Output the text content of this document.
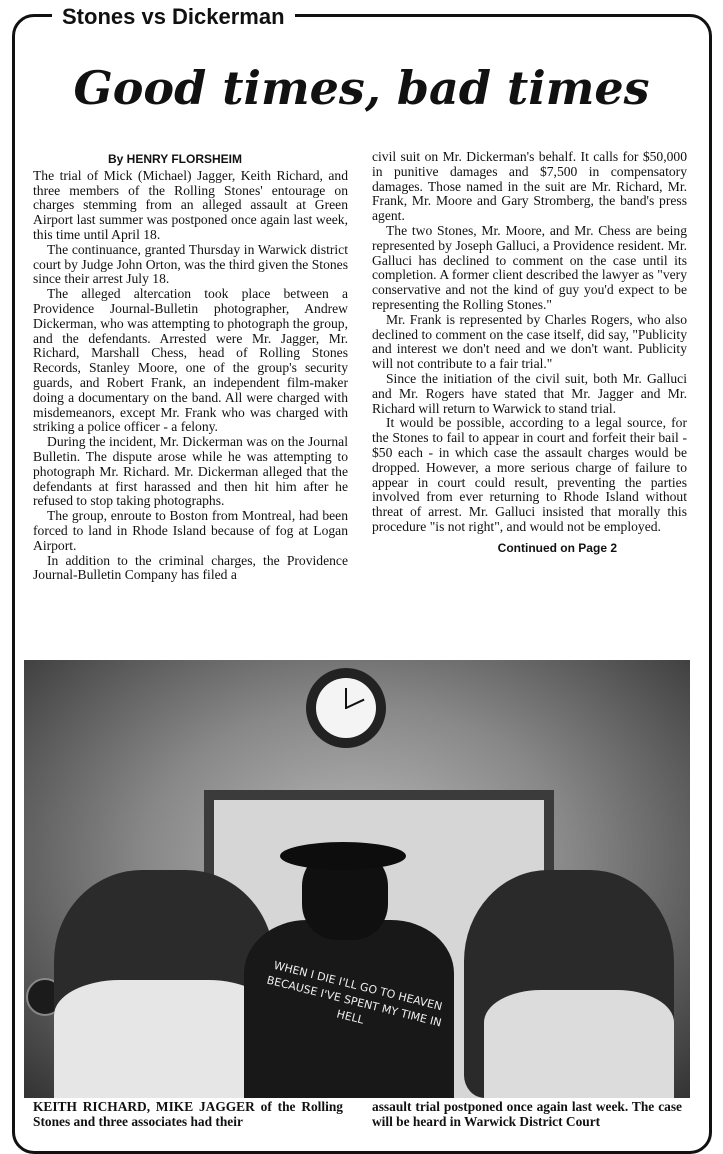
Stones vs Dickerman
Good times, bad times
By HENRY FLORSHEIM

The trial of Mick (Michael) Jagger, Keith Richard, and three members of the Rolling Stones' entourage on charges stemming from an alleged assault at Green Airport last summer was postponed once again last week, this time until April 18.

The continuance, granted Thursday in Warwick district court by Judge John Orton, was the third given the Stones since their arrest July 18.

The alleged altercation took place between a Providence Journal-Bulletin photographer, Andrew Dickerman, who was attempting to photograph the group, and the defendants. Arrested were Mr. Jagger, Mr. Richard, Marshall Chess, head of Rolling Stones Records, Stanley Moore, one of the group's security guards, and Robert Frank, an independent film-maker doing a documentary on the band. All were charged with misdemeanors, except Mr. Frank who was charged with striking a police officer - a felony.

During the incident, Mr. Dickerman was on the Journal Bulletin. The dispute arose while he was attempting to photograph Mr. Richard. Mr. Dickerman alleged that the defendants at first harassed and then hit him after he refused to stop taking photographs.

The group, enroute to Boston from Montreal, had been forced to land in Rhode Island because of fog at Logan Airport.

In addition to the criminal charges, the Providence Journal-Bulletin Company has filed a

civil suit on Mr. Dickerman's behalf. It calls for $50,000 in punitive damages and $7,500 in compensatory damages. Those named in the suit are Mr. Richard, Mr. Frank, Mr. Moore and Gary Stromberg, the band's press agent.

The two Stones, Mr. Moore, and Mr. Chess are being represented by Joseph Galluci, a Providence resident. Mr. Galluci has declined to comment on the case until its completion. A former client described the lawyer as "very conservative and not the kind of guy you'd expect to be representing the Rolling Stones."

Mr. Frank is represented by Charles Rogers, who also declined to comment on the case itself, did say, "Publicity and interest we don't need and we don't want. Publicity will not contribute to a fair trial."

Since the initiation of the civil suit, both Mr. Galluci and Mr. Rogers have stated that Mr. Jagger and Mr. Richard will return to Warwick to stand trial.

It would be possible, according to a legal source, for the Stones to fail to appear in court and forfeit their bail - $50 each - in which case the assault charges would be dropped. However, a more serious charge of failure to appear in court could result, preventing the parties involved from ever returning to Rhode Island without threat of arrest. Mr. Galluci insisted that morally this procedure "is not right", and would not be employed.

Continued on Page 2
WHEN I DIE I'LL GO TO HEAVEN BECAUSE I'VE SPENT MY TIME IN HELL
KEITH RICHARD, MIKE JAGGER of the Rolling Stones and three associates had their
assault trial postponed once again last week. The case will be heard in Warwick District Court
